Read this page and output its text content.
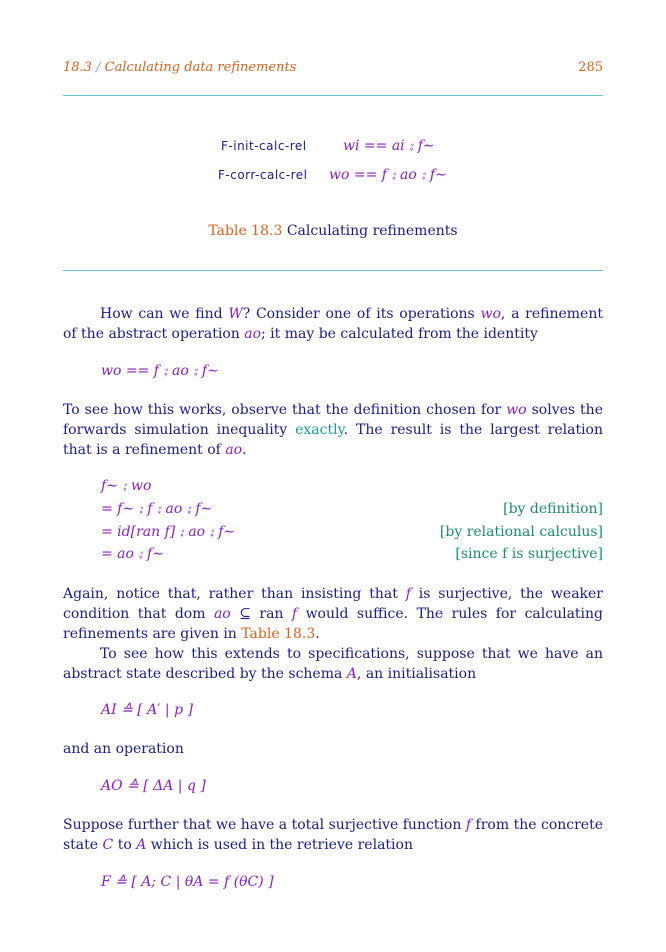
18.3 / Calculating data refinements	285
F-init-calc-rel	wi == ai ⨟ f∼
F-corr-calc-rel wo == f ⨟ ao ⨟ f∼
Table 18.3 Calculating refinements

How can we find W? Consider one of its operations wo, a refinement of the abstract operation ao; it may be calculated from the identity

wo == f ⨟ ao ⨟ f∼

To see how this works, observe that the definition chosen for wo solves the forwards simulation inequality exactly. The result is the largest relation that is a refinement of ao.

f∼ ⨟ wo
= f∼ ⨟ f ⨟ ao ⨟ f∼	[by definition]
= id[ran f] ⨟ ao ⨟ f∼	[by relational calculus]
= ao ⨟ f∼	[since f is surjective]

Again, notice that, rather than insisting that f is surjective, the weaker condition that dom ao ⊆ ran f would suffice. The rules for calculating refinements are given in Table 18.3.

To see how this extends to specifications, suppose that we have an abstract state described by the schema A, an initialisation

AI ≙ [ A′ | p ]

and an operation

AO ≙ [ ΔA | q ]

Suppose further that we have a total surjective function f from the concrete state C to A which is used in the retrieve relation

F ≙ [ A; C | θA = f (θC) ]
